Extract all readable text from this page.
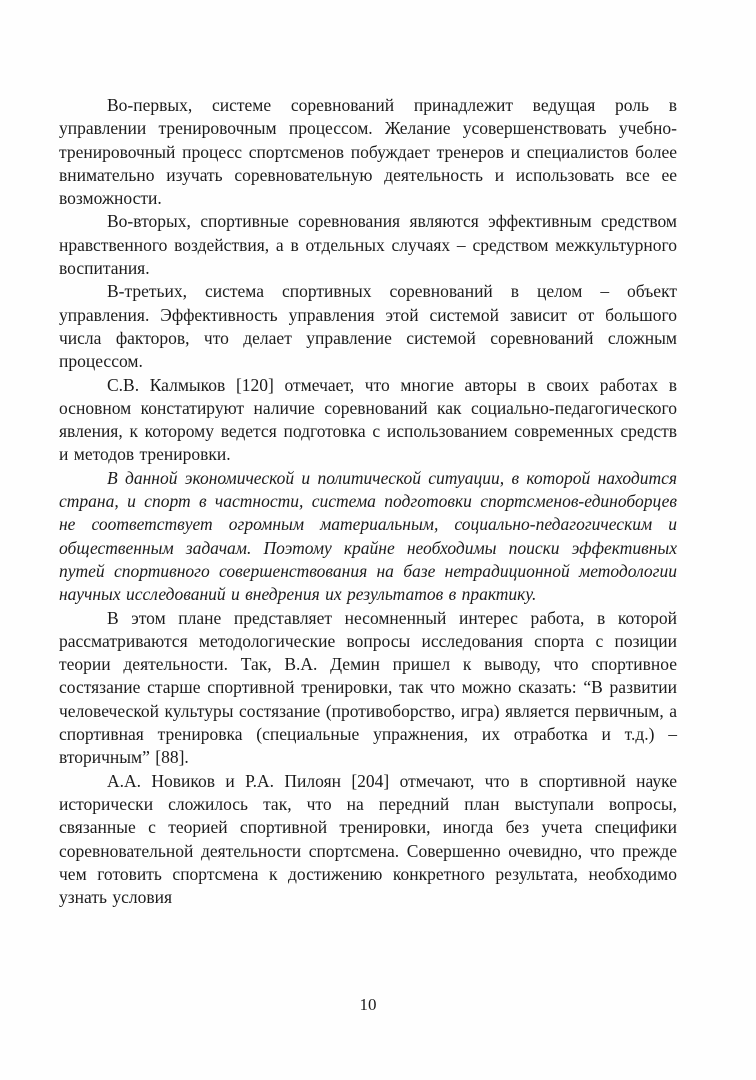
Во-первых, системе соревнований принадлежит ведущая роль в управлении тренировочным процессом. Желание усовершенствовать учебно-тренировочный процесс спортсменов побуждает тренеров и специалистов более внимательно изучать соревновательную деятельность и использовать все ее возможности.

Во-вторых, спортивные соревнования являются эффективным средством нравственного воздействия, а в отдельных случаях – средством межкультурного воспитания.

В-третьих, система спортивных соревнований в целом – объект управления. Эффективность управления этой системой зависит от большого числа факторов, что делает управление системой соревнований сложным процессом.

С.В. Калмыков [120] отмечает, что многие авторы в своих работах в основном констатируют наличие соревнований как социально-педагогического явления, к которому ведется подготовка с использованием современных средств и методов тренировки.

В данной экономической и политической ситуации, в которой находится страна, и спорт в частности, система подготовки спортсменов-единоборцев не соответствует огромным материальным, социально-педагогическим и общественным задачам. Поэтому крайне необходимы поиски эффективных путей спортивного совершенствования на базе нетрадиционной методологии научных исследований и внедрения их результатов в практику.

В этом плане представляет несомненный интерес работа, в которой рассматриваются методологические вопросы исследования спорта с позиции теории деятельности. Так, В.А. Демин пришел к выводу, что спортивное состязание старше спортивной тренировки, так что можно сказать: “В развитии человеческой культуры состязание (противоборство, игра) является первичным, а спортивная тренировка (специальные упражнения, их отработка и т.д.) – вторичным” [88].

А.А. Новиков и Р.А. Пилоян [204] отмечают, что в спортивной науке исторически сложилось так, что на передний план выступали вопросы, связанные с теорией спортивной тренировки, иногда без учета специфики соревновательной деятельности спортсмена. Совершенно очевидно, что прежде чем готовить спортсмена к достижению конкретного результата, необходимо узнать условия

10
